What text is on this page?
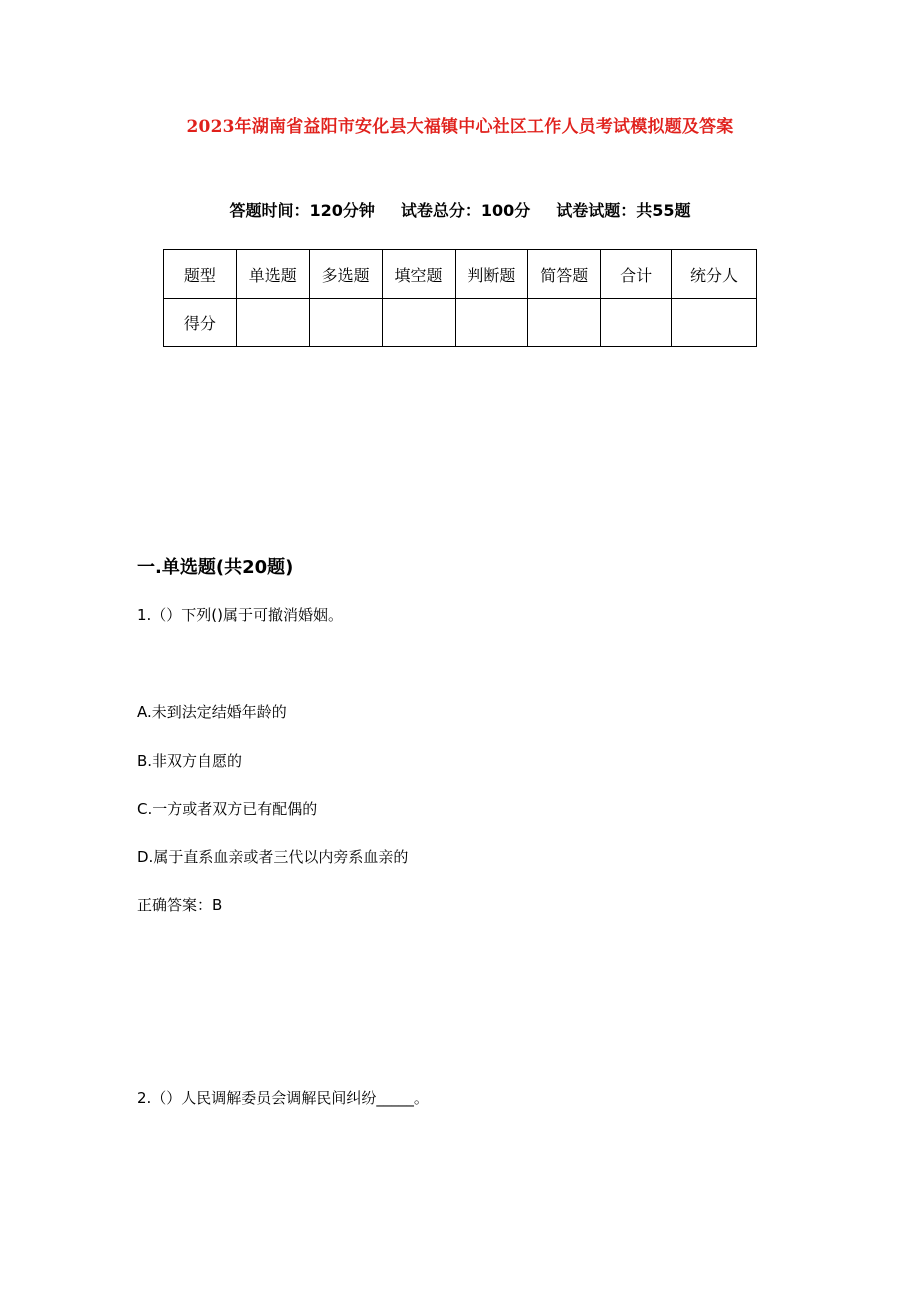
2023年湖南省益阳市安化县大福镇中心社区工作人员考试模拟题及答案
答题时间：120分钟 试卷总分：100分 试卷试题：共55题
题型	单选题	多选题	填空题	判断题	简答题	合计	统分人
得分							
一.单选题(共20题)
1.（）下列()属于可撤消婚姻。
A.未到法定结婚年龄的
B.非双方自愿的
C.一方或者双方已有配偶的
D.属于直系血亲或者三代以内旁系血亲的
正确答案：B
2.（）人民调解委员会调解民间纠纷_____。
